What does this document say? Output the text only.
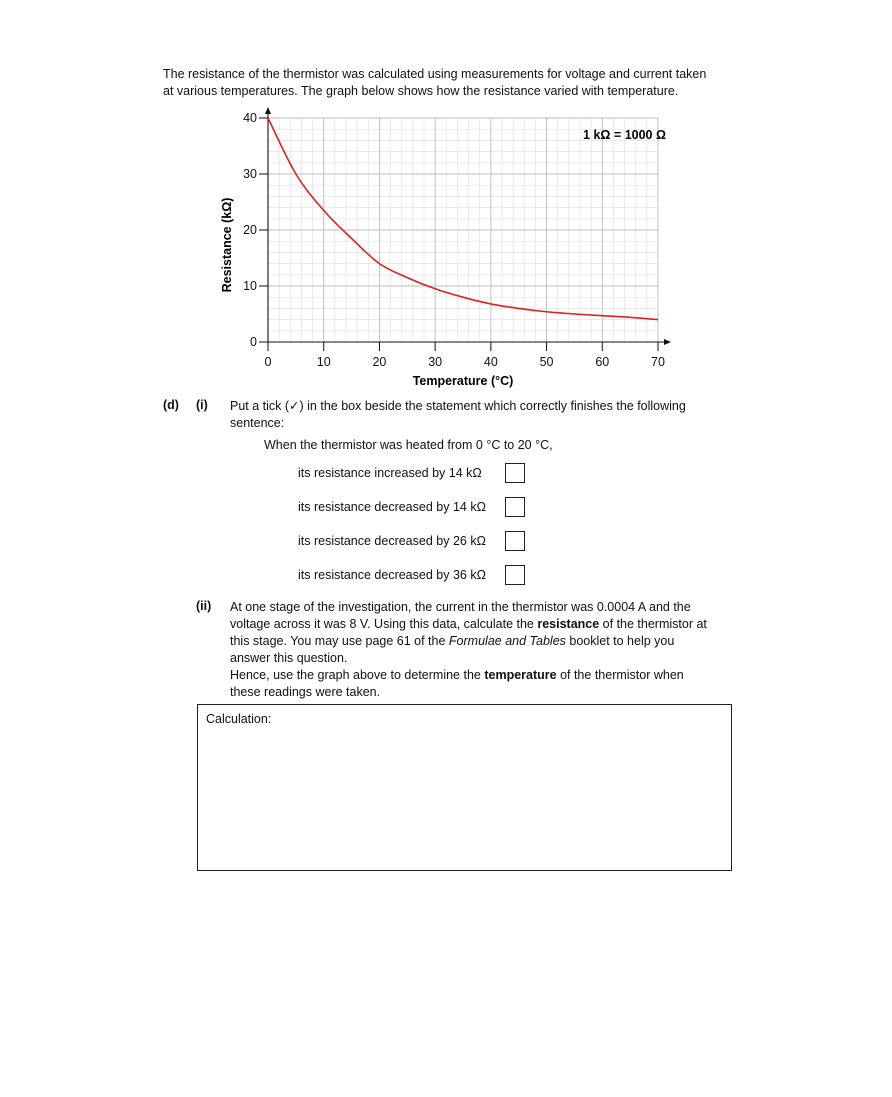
The resistance of the thermistor was calculated using measurements for voltage and current taken

at various temperatures. The graph below shows how the resistance varied with temperature.

0	10	20	30	40	50	60	70
0
10
20
30
40
1 kΩ = 1000 Ω
Temperature (°C)
Resistance (kΩ)
(d) (i) Put a tick (✓) in the box beside the statement which correctly finishes the following

sentence:

When the thermistor was heated from 0 °C to 20 °C,
its resistance increased by 14 kΩ
its resistance decreased by 14 kΩ
its resistance decreased by 26 kΩ
its resistance decreased by 36 kΩ
(ii) At one stage of the investigation, the current in the thermistor was 0.0004 A and the

voltage across it was 8 V. Using this data, calculate the resistance of the thermistor at

this stage. You may use page 61 of the Formulae and Tables booklet to help you

answer this question.

Hence, use the graph above to determine the temperature of the thermistor when

these readings were taken.

Calculation:
